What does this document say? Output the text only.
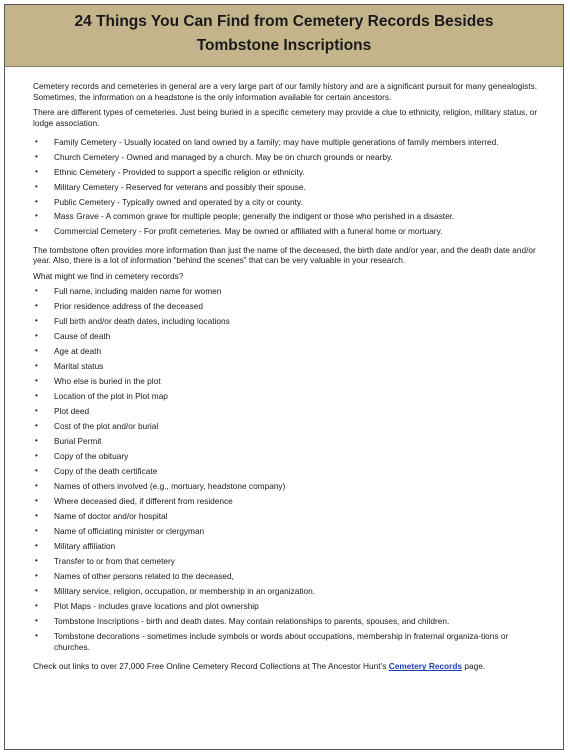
24 Things You Can Find from Cemetery Records Besides
Tombstone Inscriptions

Cemetery records and cemeteries in general are a very large part of our family history and are a significant pursuit for many genealogists. Sometimes, the information on a headstone is the only information available for certain ancestors.

There are different types of cemeteries. Just being buried in a specific cemetery may provide a clue to ethnicity, religion, military status, or lodge association.

• Family Cemetery - Usually located on land owned by a family; may have multiple generations of family members interred.
• Church Cemetery - Owned and managed by a church. May be on church grounds or nearby.
• Ethnic Cemetery - Provided to support a specific religion or ethnicity.
• Military Cemetery - Reserved for veterans and possibly their spouse.
• Public Cemetery - Typically owned and operated by a city or county.
• Mass Grave - A common grave for multiple people; generally the indigent or those who perished in a disaster.
• Commercial Cemetery - For profit cemeteries. May be owned or affiliated with a funeral home or mortuary.

The tombstone often provides more information than just the name of the deceased, the birth date and/or year, and the death date and/or year. Also, there is a lot of information “behind the scenes” that can be very valuable in your research.

What might we find in cemetery records?

• Full name, including maiden name for women
• Prior residence address of the deceased
• Full birth and/or death dates, including locations
• Cause of death
• Age at death
• Marital status
• Who else is buried in the plot
• Location of the plot in Plot map
• Plot deed
• Cost of the plot and/or burial
• Burial Permit
• Copy of the obituary
• Copy of the death certificate
• Names of others involved (e.g., mortuary, headstone company)
• Where deceased died, if different from residence
• Name of doctor and/or hospital
• Name of officiating minister or clergyman
• Military affiliation
• Transfer to or from that cemetery
• Names of other persons related to the deceased,
• Military service, religion, occupation, or membership in an organization.
• Plot Maps - includes grave locations and plot ownership
• Tombstone Inscriptions - birth and death dates. May contain relationships to parents, spouses, and children.
• Tombstone decorations - sometimes include symbols or words about occupations, membership in fraternal organiza-tions or churches.

Check out links to over 27,000 Free Online Cemetery Record Collections at The Ancestor Hunt’s Cemetery Records page.
